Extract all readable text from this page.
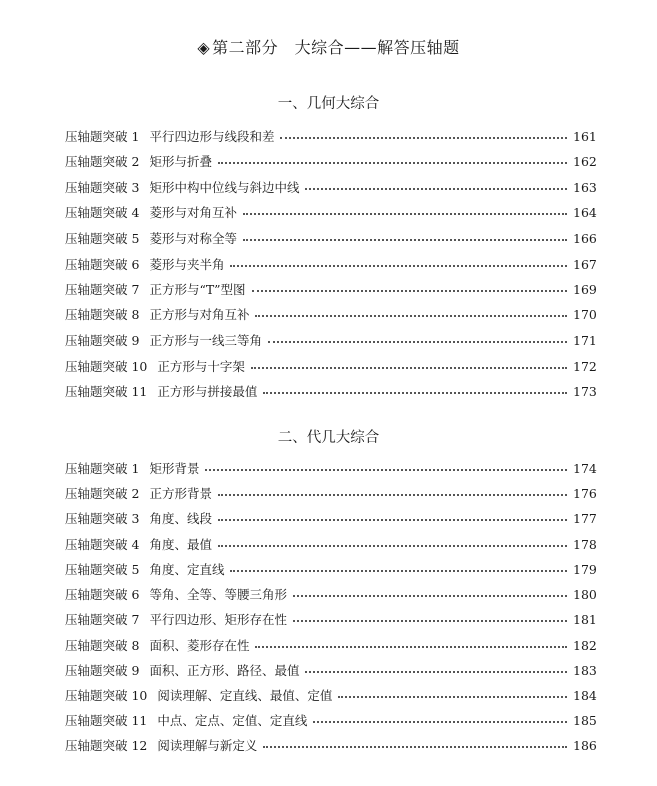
◈ 第二部分　大综合——解答压轴题
一、几何大综合
压轴题突破 1 平行四边形与线段和差	161
压轴题突破 2 矩形与折叠	162
压轴题突破 3 矩形中构中位线与斜边中线	163
压轴题突破 4 菱形与对角互补	164
压轴题突破 5 菱形与对称全等	166
压轴题突破 6 菱形与夹半角	167
压轴题突破 7 正方形与“T”型图	169
压轴题突破 8 正方形与对角互补	170
压轴题突破 9 正方形与一线三等角	171
压轴题突破 10 正方形与十字架	172
压轴题突破 11 正方形与拼接最值	173
二、代几大综合
压轴题突破 1 矩形背景	174
压轴题突破 2 正方形背景	176
压轴题突破 3 角度、线段	177
压轴题突破 4 角度、最值	178
压轴题突破 5 角度、定直线	179
压轴题突破 6 等角、全等、等腰三角形	180
压轴题突破 7 平行四边形、矩形存在性	181
压轴题突破 8 面积、菱形存在性	182
压轴题突破 9 面积、正方形、路径、最值	183
压轴题突破 10 阅读理解、定直线、最值、定值	184
压轴题突破 11 中点、定点、定值、定直线	185
压轴题突破 12 阅读理解与新定义	186
